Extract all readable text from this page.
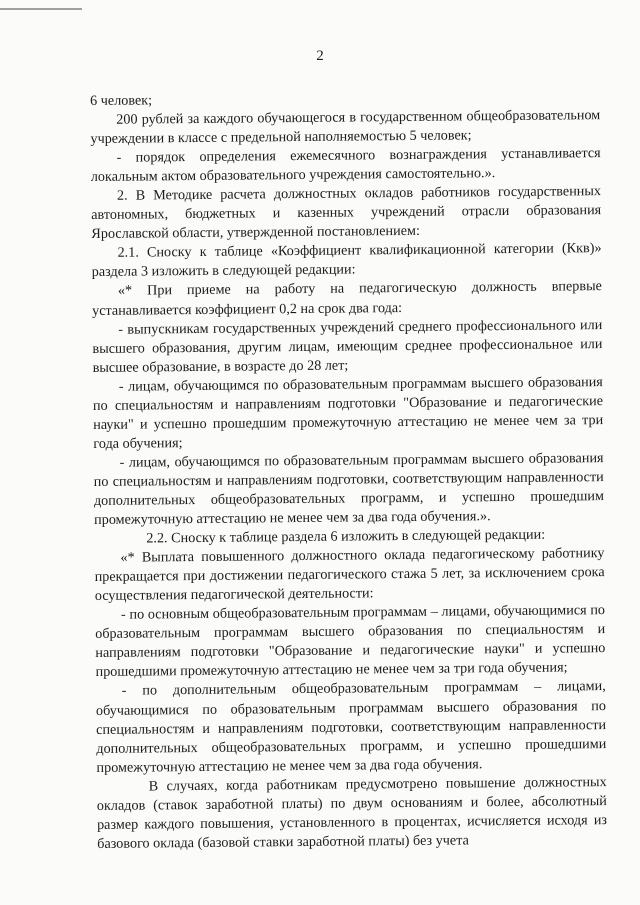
2

6 человек;

200 рублей за каждого обучающегося в государственном общеобразовательном учреждении в классе с предельной наполняемостью 5 человек;

- порядок определения ежемесячного вознаграждения устанавливается локальным актом образовательного учреждения самостоятельно.».

2. В Методике расчета должностных окладов работников государственных автономных, бюджетных и казенных учреждений отрасли образования Ярославской области, утвержденной постановлением:

2.1. Сноску к таблице «Коэффициент квалификационной категории (Ккв)» раздела 3 изложить в следующей редакции:

«* При приеме на работу на педагогическую должность впервые устанавливается коэффициент 0,2 на срок два года:

- выпускникам государственных учреждений среднего профессионального или высшего образования, другим лицам, имеющим среднее профессиональное или высшее образование, в возрасте до 28 лет;

- лицам, обучающимся по образовательным программам высшего образования по специальностям и направлениям подготовки "Образование и педагогические науки" и успешно прошедшим промежуточную аттестацию не менее чем за три года обучения;

- лицам, обучающимся по образовательным программам высшего образования по специальностям и направлениям подготовки, соответствующим направленности дополнительных общеобразовательных программ, и успешно прошедшим промежуточную аттестацию не менее чем за два года обучения.».

2.2. Сноску к таблице раздела 6 изложить в следующей редакции:

«* Выплата повышенного должностного оклада педагогическому работнику прекращается при достижении педагогического стажа 5 лет, за исключением срока осуществления педагогической деятельности:

- по основным общеобразовательным программам – лицами, обучающимися по образовательным программам высшего образования по специальностям и направлениям подготовки "Образование и педагогические науки" и успешно прошедшими промежуточную аттестацию не менее чем за три года обучения;

- по дополнительным общеобразовательным программам – лицами, обучающимися по образовательным программам высшего образования по специальностям и направлениям подготовки, соответствующим направленности дополнительных общеобразовательных программ, и успешно прошедшими промежуточную аттестацию не менее чем за два года обучения.

В случаях, когда работникам предусмотрено повышение должностных окладов (ставок заработной платы) по двум основаниям и более, абсолютный размер каждого повышения, установленного в процентах, исчисляется исходя из базового оклада (базовой ставки заработной платы) без учета
